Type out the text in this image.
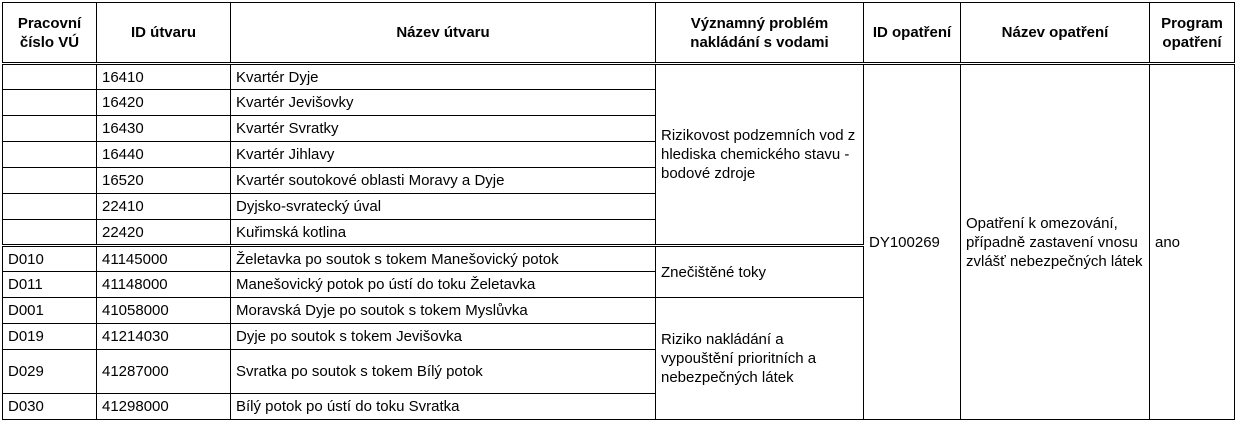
Pracovní číslo VÚ	ID útvaru	Název útvaru	Významný problém nakládání s vodami	ID opatření	Název opatření	Program opatření
	16410	Kvartér Dyje	Rizikovost podzemních vod z hlediska chemického stavu - bodové zdroje	DY100269	Opatření k omezování, případně zastavení vnosu zvlášť nebezpečných látek	ano
	16420	Kvartér Jevišovky				
	16430	Kvartér Svratky				
	16440	Kvartér Jihlavy				
	16520	Kvartér soutokové oblasti Moravy a Dyje				
	22410	Dyjsko-svratecký úval				
	22420	Kuřimská kotlina				
D010	41145000	Želetavka po soutok s tokem Manešovický potok	Znečištěné toky			
D011	41148000	Manešovický potok po ústí do toku Želetavka				
D001	41058000	Moravská Dyje po soutok s tokem Myslůvka	Riziko nakládání a vypouštění prioritních a nebezpečných látek			
D019	41214030	Dyje po soutok s tokem Jevišovka				
D029	41287000	Svratka po soutok s tokem Bílý potok				
D030	41298000	Bílý potok po ústí do toku Svratka				
